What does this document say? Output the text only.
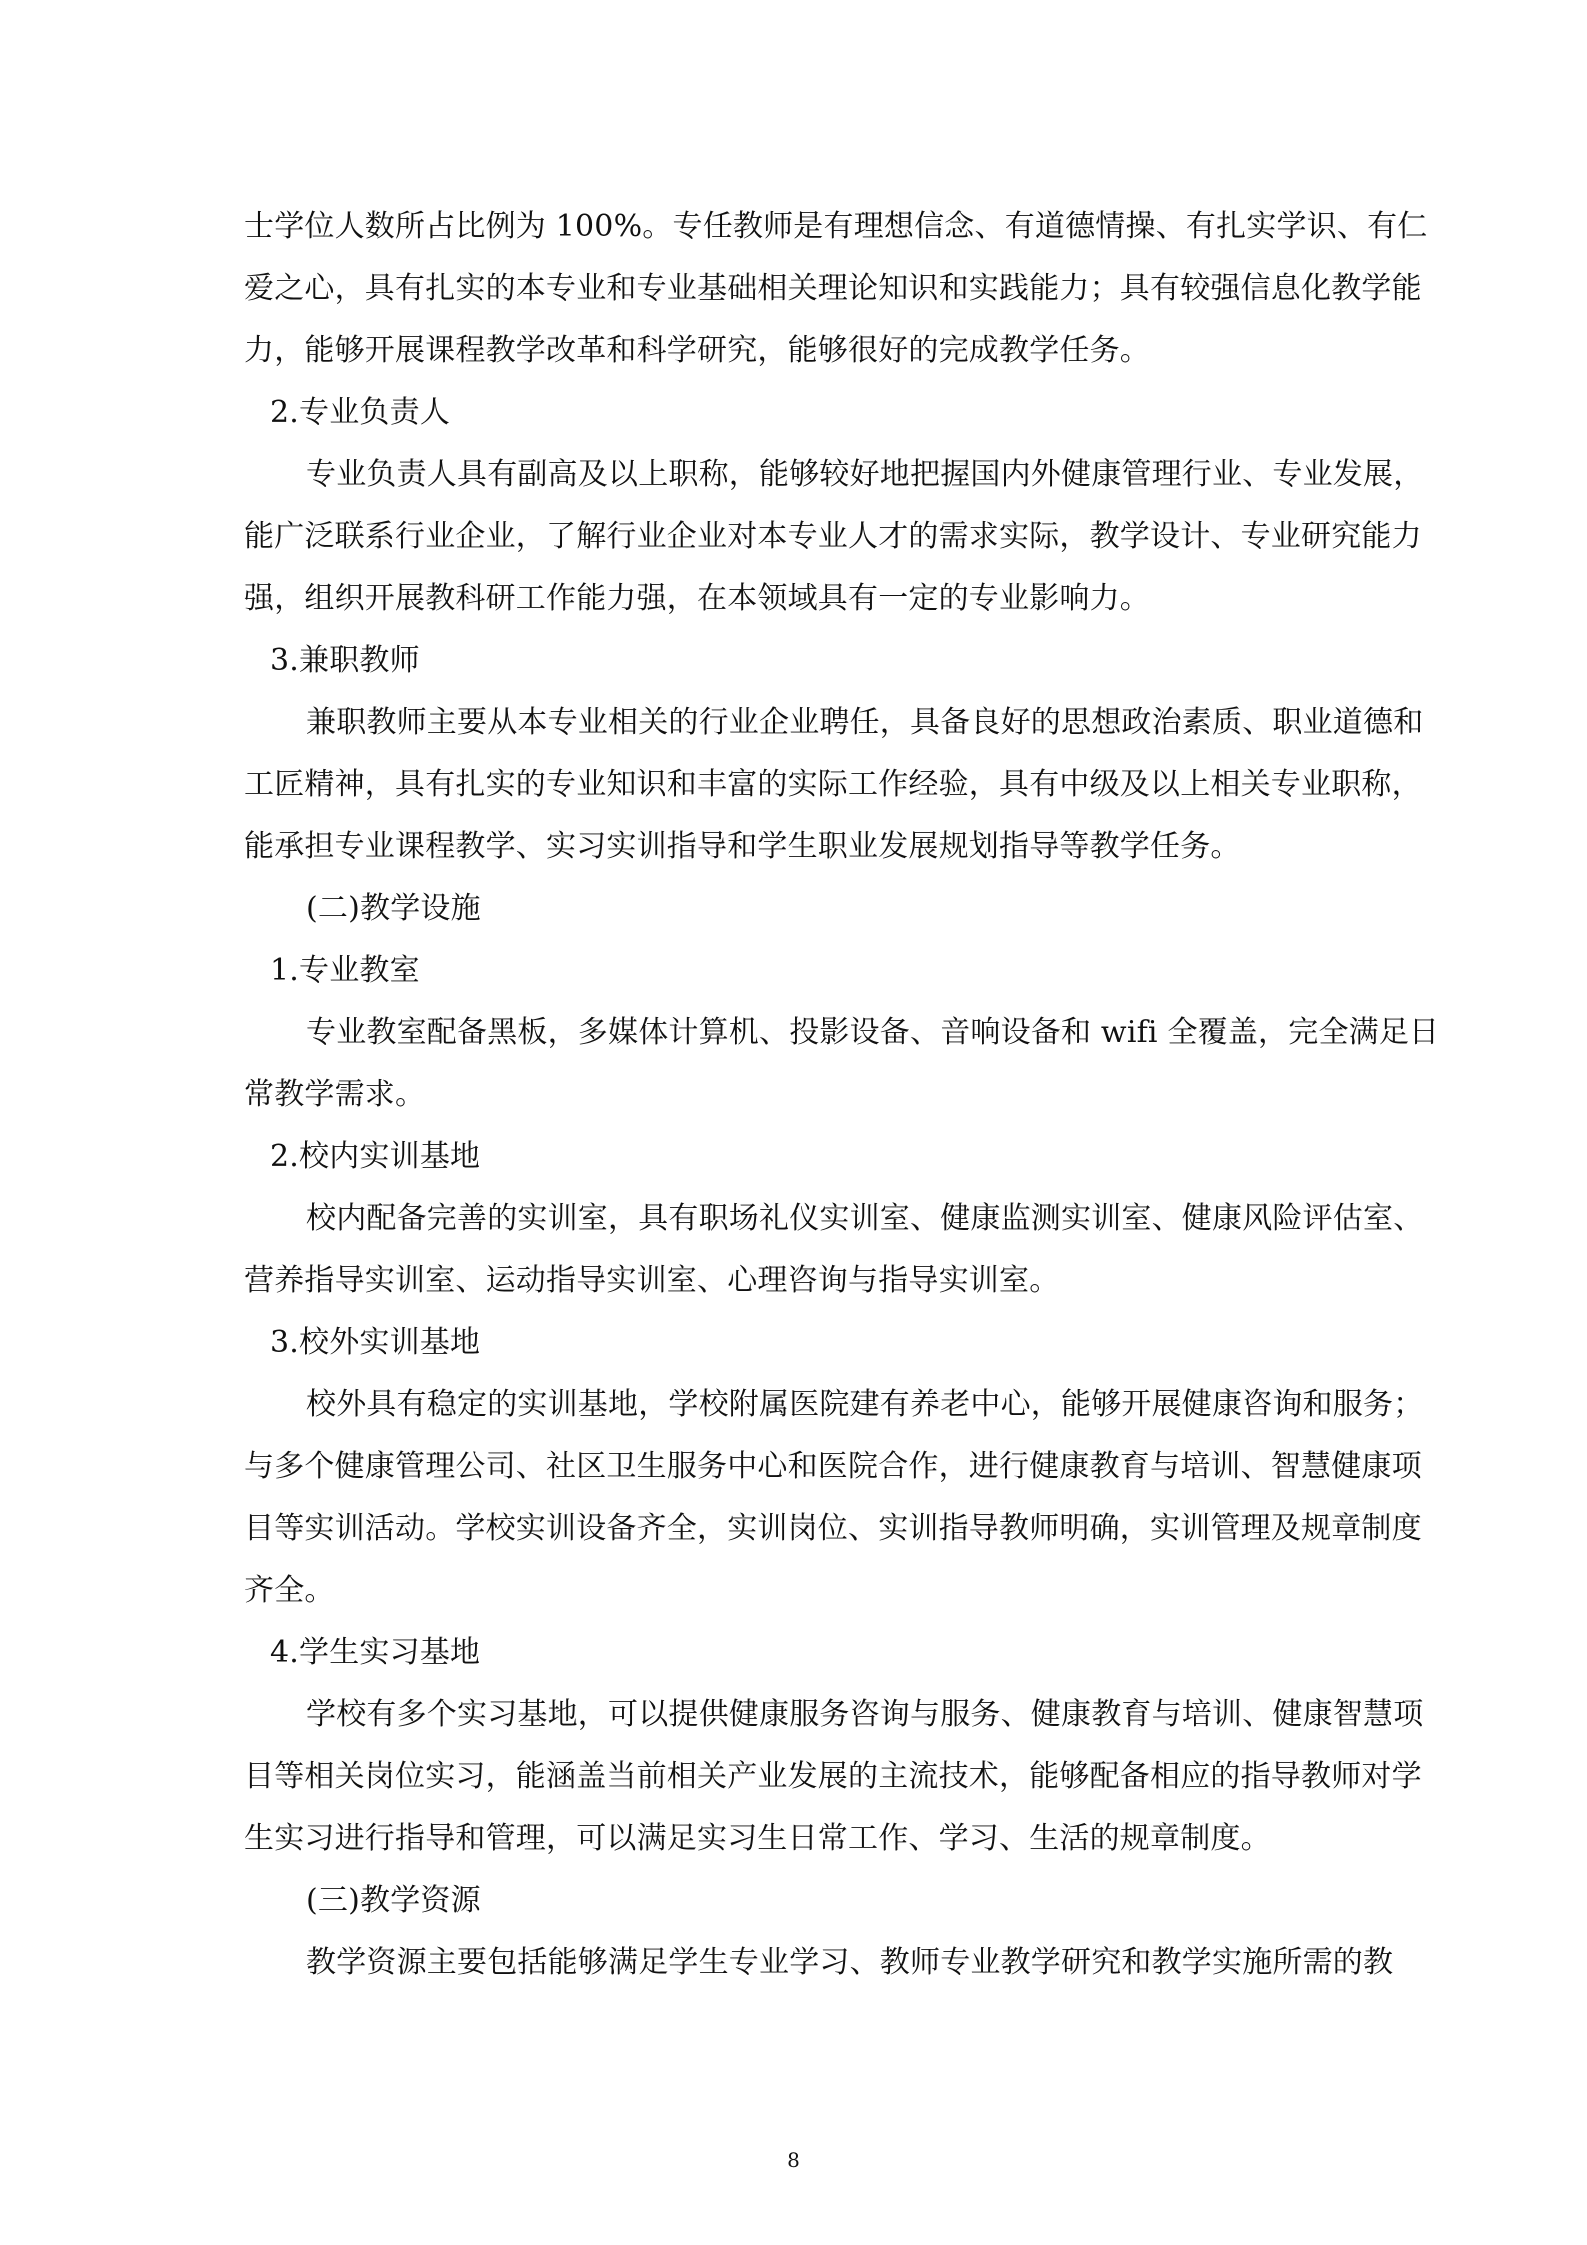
士学位人数所占比例为 100%。专任教师是有理想信念、有道德情操、有扎实学识、有仁

爱之心，具有扎实的本专业和专业基础相关理论知识和实践能力；具有较强信息化教学能

力，能够开展课程教学改革和科学研究，能够很好的完成教学任务。

2.专业负责人

专业负责人具有副高及以上职称，能够较好地把握国内外健康管理行业、专业发展，

能广泛联系行业企业，了解行业企业对本专业人才的需求实际，教学设计、专业研究能力

强，组织开展教科研工作能力强，在本领域具有一定的专业影响力。

3.兼职教师

兼职教师主要从本专业相关的行业企业聘任，具备良好的思想政治素质、职业道德和

工匠精神，具有扎实的专业知识和丰富的实际工作经验，具有中级及以上相关专业职称，

能承担专业课程教学、实习实训指导和学生职业发展规划指导等教学任务。

(二)教学设施

1.专业教室

专业教室配备黑板，多媒体计算机、投影设备、音响设备和 wifi 全覆盖，完全满足日

常教学需求。

2.校内实训基地

校内配备完善的实训室，具有职场礼仪实训室、健康监测实训室、健康风险评估室、

营养指导实训室、运动指导实训室、心理咨询与指导实训室。

3.校外实训基地

校外具有稳定的实训基地，学校附属医院建有养老中心，能够开展健康咨询和服务；

与多个健康管理公司、社区卫生服务中心和医院合作，进行健康教育与培训、智慧健康项

目等实训活动。学校实训设备齐全，实训岗位、实训指导教师明确，实训管理及规章制度

齐全。

4.学生实习基地

学校有多个实习基地，可以提供健康服务咨询与服务、健康教育与培训、健康智慧项

目等相关岗位实习，能涵盖当前相关产业发展的主流技术，能够配备相应的指导教师对学

生实习进行指导和管理，可以满足实习生日常工作、学习、生活的规章制度。

(三)教学资源

教学资源主要包括能够满足学生专业学习、教师专业教学研究和教学实施所需的教

8
